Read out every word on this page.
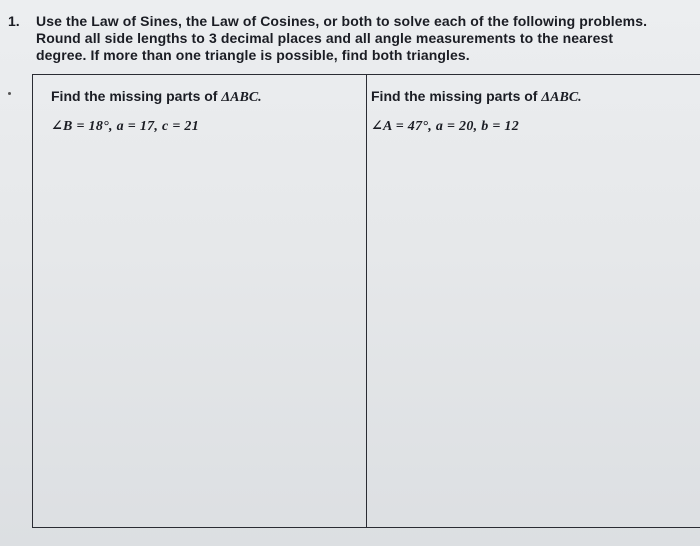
1. Use the Law of Sines, the Law of Cosines, or both to solve each of the following problems.
Round all side lengths to 3 decimal places and all angle measurements to the nearest
degree. If more than one triangle is possible, find both triangles.
Find the missing parts of ΔABC.
∠B = 18°, a = 17, c = 21
Find the missing parts of ΔABC.
∠A = 47°, a = 20, b = 12
